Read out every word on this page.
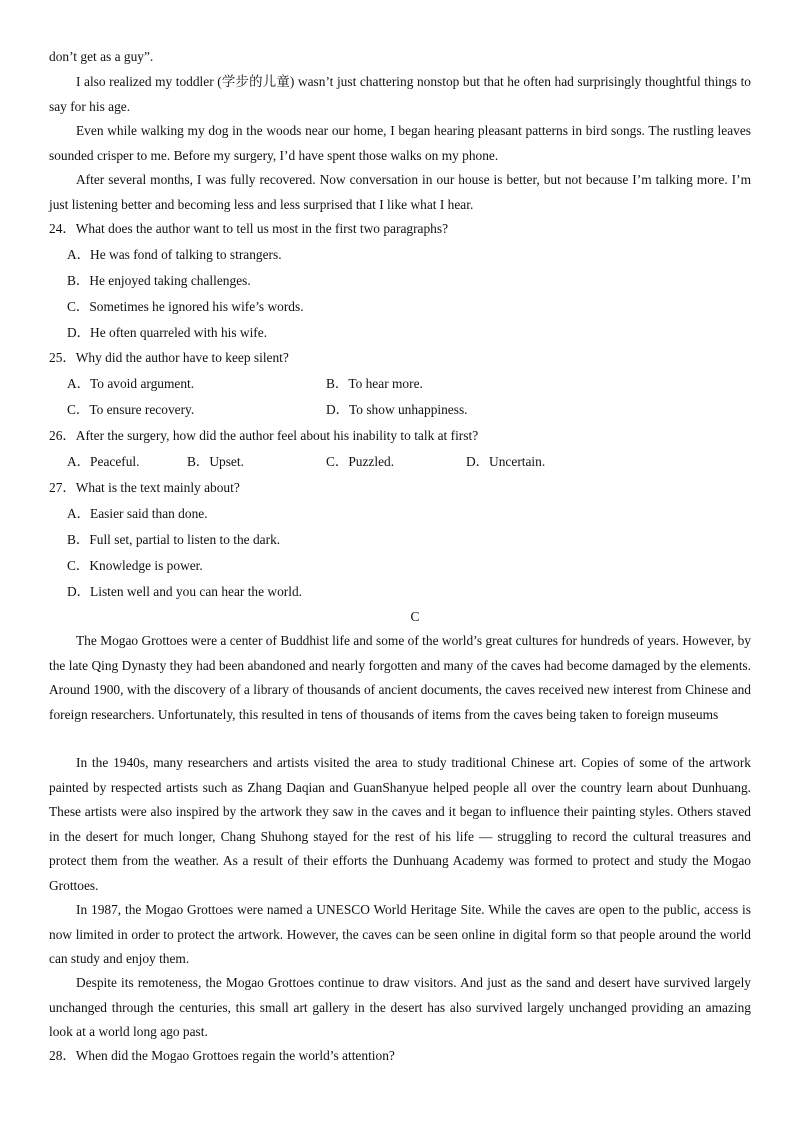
don’t get as a guy”.
I also realized my toddler (学步的儿童) wasn’t just chattering nonstop but that he often had surprisingly thoughtful things to say for his age.
Even while walking my dog in the woods near our home, I began hearing pleasant patterns in bird songs. The rustling leaves sounded crisper to me. Before my surgery, I’d have spent those walks on my phone.
After several months, I was fully recovered. Now conversation in our house is better, but not because I’m talking more. I’m just listening better and becoming less and less surprised that I like what I hear.
24．What does the author want to tell us most in the first two paragraphs?
A．He was fond of talking to strangers.
B．He enjoyed taking challenges.
C．Sometimes he ignored his wife’s words.
D．He often quarreled with his wife.
25．Why did the author have to keep silent?
A．To avoid argument.	B．To hear more.
C．To ensure recovery.	D．To show unhappiness.
26．After the surgery, how did the author feel about his inability to talk at first?
A．Peaceful.	B．Upset.	C．Puzzled.	D．Uncertain.
27．What is the text mainly about?
A．Easier said than done.
B．Full set, partial to listen to the dark.
C．Knowledge is power.
D．Listen well and you can hear the world.
C
The Mogao Grottoes were a center of Buddhist life and some of the world’s great cultures for hundreds of years. However, by the late Qing Dynasty they had been abandoned and nearly forgotten and many of the caves had become damaged by the elements. Around 1900, with the discovery of a library of thousands of ancient documents, the caves received new interest from Chinese and foreign researchers. Unfortunately, this resulted in tens of thousands of items from the caves being taken to foreign museums
In the 1940s, many researchers and artists visited the area to study traditional Chinese art. Copies of some of the artwork painted by respected artists such as Zhang Daqian and GuanShanyue helped people all over the country learn about Dunhuang. These artists were also inspired by the artwork they saw in the caves and it began to influence their painting styles. Others staved in the desert for much longer, Chang Shuhong stayed for the rest of his life — struggling to record the cultural treasures and protect them from the weather. As a result of their efforts the Dunhuang Academy was formed to protect and study the Mogao Grottoes.
In 1987, the Mogao Grottoes were named a UNESCO World Heritage Site. While the caves are open to the public, access is now limited in order to protect the artwork. However, the caves can be seen online in digital form so that people around the world can study and enjoy them.
Despite its remoteness, the Mogao Grottoes continue to draw visitors. And just as the sand and desert have survived largely unchanged through the centuries, this small art gallery in the desert has also survived largely unchanged providing an amazing look at a world long ago past.
28．When did the Mogao Grottoes regain the world’s attention?
